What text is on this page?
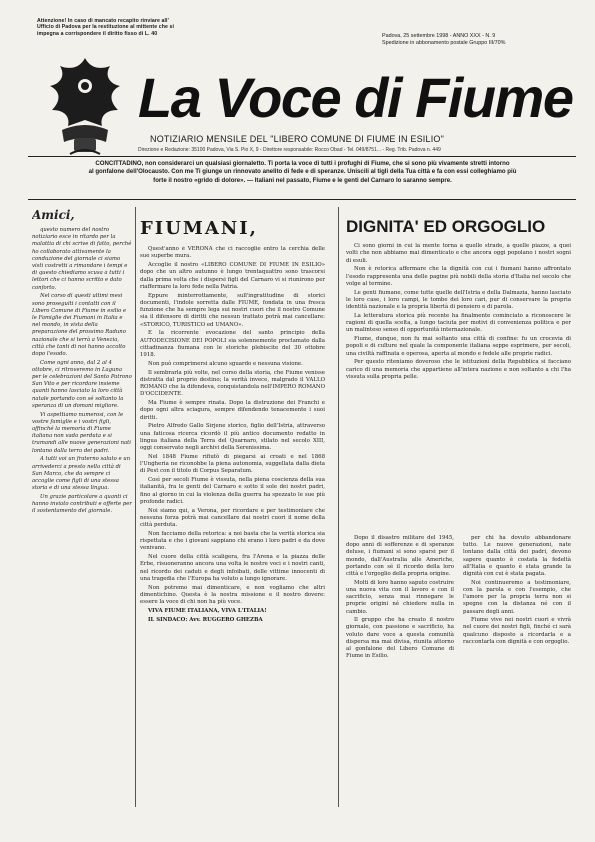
Attenzione! In caso di mancato recapito rinviare all'
Ufficio di Padova per la restituzione al mittente che si
impegna a corrispondere il diritto fisso di L. 40	Padova, 25 settembre 1998 - ANNO XXX - N. 9
Spedizione in abbonamento postale Gruppo III/70%
La Voce di Fiume
NOTIZIARIO MENSILE DEL "LIBERO COMUNE DI FIUME IN ESILIO"
Direzione e Redazione: 35100 Padova, Via S. Pio X, 9 - Direttore responsabile: Rocco Obad - Tel. 049/8751... - Reg. Trib. Padova n. 449
CONCITTADINO, non considerarci un qualsiasi giornaletto. Ti porta la voce di tutti i profughi di Fiume, che si sono più vivamente stretti intorno
al gonfalone dell'Olocausto. Con me Ti giunge un rinnovato anelito di fede e di speranze. Uniscili al tigli della Tua città e fa con essi colleghiamo più
forte il nostro «grido di dolore». — Italiani nel passato, Fiume e le genti del Carnaro lo saranno sempre.
Amici,

questo numero del nostro notiziario esce in ritardo per la malattia di chi scrive di fatto, perché ho collaborato attivamente la conduzione del giornale ci siamo visti costretti a rimandare i tempi e di questo chiediamo scusa a tutti i lettori che ci hanno scritto e dato conforto.

Nel corso di questi ultimi mesi sono proseguiti i contatti con il Libero Comune di Fiume in esilio e le Famiglie dei Fiumani in Italia e nel mondo, in vista della preparazione del prossimo Raduno nazionale che si terrà a Venezia, città che tanti di noi hanno accolto dopo l'esodo.

Come ogni anno, dal 2 al 4 ottobre, ci ritroveremo in Laguna per le celebrazioni del Santo Patrono San Vito e per ricordare insieme quanti hanno lasciato la loro città natale portando con sé soltanto la speranza di un domani migliore.

Vi aspettiamo numerosi, con le vostre famiglie e i vostri figli, affinché la memoria di Fiume italiana non vada perduta e si tramandi alle nuove generazioni nati lontano dalla terra dei padri.

A tutti voi un fraterno saluto e un arrivederci a presto nella città di San Marco, che da sempre ci accoglie come figli di una stessa storia e di una stessa lingua.

Un grazie particolare a quanti ci hanno inviato contributi e offerte per il sostentamento del giornale.

FIUMANI,

Quest'anno è VERONA che ci raccoglie entro la cerchia delle sue superbe mura.

Accoglie il nostro «LIBERO COMUNE DI FIUME IN ESILIO» dopo che un altro autunno è lungo trentaquattro sono trascorsi dalla prima volta che i dispersi figli del Carnaro vi si riunirono per riaffermare la loro fede nella Patria.

Eppure ininterrottamente, sull'ingratitudine di storici documenti, l'indole sorretta dalle FIUME, fondata in una fresca funzione che ha sempre lega sui nostri cuori che il nostro Comune sia il difensore di diritti che nessun trattato potrà mai cancellare: «STORICO, TURISTICO ed UMANO».

E la ricorrente evocazione del santo principio della AUTODECISIONE DEI POPOLI sia solennemente proclamato dalla cittadinanza fiumana con le storiche plebiscite del 30 ottobre 1918.

Non può comprimersi alcuno sguardo e nessuna visione.

Il sembrarla più volte, nel corso della storia, che Fiume venisse distratta dal proprio destino; la verità invece, malgrado il VALLO ROMANO che la difendeva, conquistandola nell'IMPERO ROMANO D'OCCIDENTE.

Ma Fiume è sempre rinata. Dopo la distruzione dei Franchi e dopo ogni altra sciagura, sempre difendendo tenacemente i suoi diritti.

Pietro Alfredo Gallo Sirjene storico, figlio dell'Istria, attraverso una faticosa ricerca ricordò il più antico documento redatto in lingua italiana della Terra del Quarnaro, stilato nel secolo XIII, oggi conservato negli archivi della Serenissima.

Nel 1848 Fiume rifiutò di piegarsi ai croati e nel 1868 l'Ungheria ne riconobbe la piena autonomia, suggellata dalla dieta di Pest con il titolo di Corpus Separatum.

Così per secoli Fiume è vissuta, nella piena coscienza della sua italianità, fra le genti del Carnaro e sotto il sole dei nostri padri, fino al giorno in cui la violenza della guerra ha spezzato le sue più profonde radici.

Noi siamo qui, a Verona, per ricordare e per testimoniare che nessuna forza potrà mai cancellare dai nostri cuori il nome della città perduta.

Non facciamo della retorica: a noi basta che la verità storica sia rispettata e che i giovani sappiano chi erano i loro padri e da dove venivano.

Nel cuore della città scaligera, fra l'Arena e la piazza delle Erbe, risuoneranno ancora una volta le nostre voci e i nostri canti, nel ricordo dei caduti e degli infoibati, delle vittime innocenti di una tragedia che l'Europa ha voluto a lungo ignorare.

Non potremo mai dimenticare, e non vogliamo che altri dimentichino. Questa è la nostra missione e il nostro dovere: essere la voce di chi non ha più voce.

VIVA FIUME ITALIANA, VIVA L'ITALIA!

IL SINDACO: Avv. RUGGERO GHEZBA

DIGNITA' ED ORGOGLIO

Ci sono giorni in cui la mente torna a quelle strade, a quelle piazze, a quei volti che non abbiamo mai dimenticato e che ancora oggi popolano i nostri sogni di esuli.

Non è retorica affermare che la dignità con cui i fiumani hanno affrontato l'esodo rappresenta una delle pagine più nobili della storia d'Italia nel secolo che volge al termine.

Le genti fiumane, come tutte quelle dell'Istria e della Dalmazia, hanno lasciato le loro case, i loro campi, le tombe dei loro cari, pur di conservare la propria identità nazionale e la propria libertà di pensiero e di parola.

La letteratura storica più recente ha finalmente cominciato a riconoscere le ragioni di quella scelta, a lungo taciuta per motivi di convenienza politica e per un malinteso senso di opportunità internazionale.

Fiume, dunque, non fu mai soltanto una città di confine: fu un crocevia di popoli e di culture nel quale la componente italiana seppe esprimere, per secoli, una civiltà raffinata e operosa, aperta al mondo e fedele alle proprie radici.

Per questo riteniamo doveroso che le istituzioni della Repubblica si facciano carico di una memoria che appartiene all'intera nazione e non soltanto a chi l'ha vissuta sulla propria pelle.

Dopo il disastro militare del 1945, dopo anni di sofferenze e di speranze deluse, i fiumani si sono sparsi per il mondo, dall'Australia alle Americhe, portando con sé il ricordo della loro città e l'orgoglio della propria origine.

Molti di loro hanno saputo costruire una nuova vita con il lavoro e con il sacrificio, senza mai rinnegare le proprie origini né chiedere nulla in cambio.

Il gruppo che ha creato il nostro giornale, con passione e sacrificio, ha voluto dare voce a questa comunità dispersa ma mai divisa, riunita attorno al gonfalone del Libero Comune di Fiume in Esilio.

per chi ha dovuto abbandonare tutto. Le nuove generazioni, nate lontano dalla città dei padri, devono sapere quanto è costata la fedeltà all'Italia e quanto è stata grande la dignità con cui è stata pagata.

Noi continueremo a testimoniare, con la parola e con l'esempio, che l'amore per la propria terra non si spegne con la distanza né con il passare degli anni.

Fiume vive nei nostri cuori e vivrà nel cuore dei nostri figli, finché ci sarà qualcuno disposto a ricordarla e a raccontarla con dignità e con orgoglio.
